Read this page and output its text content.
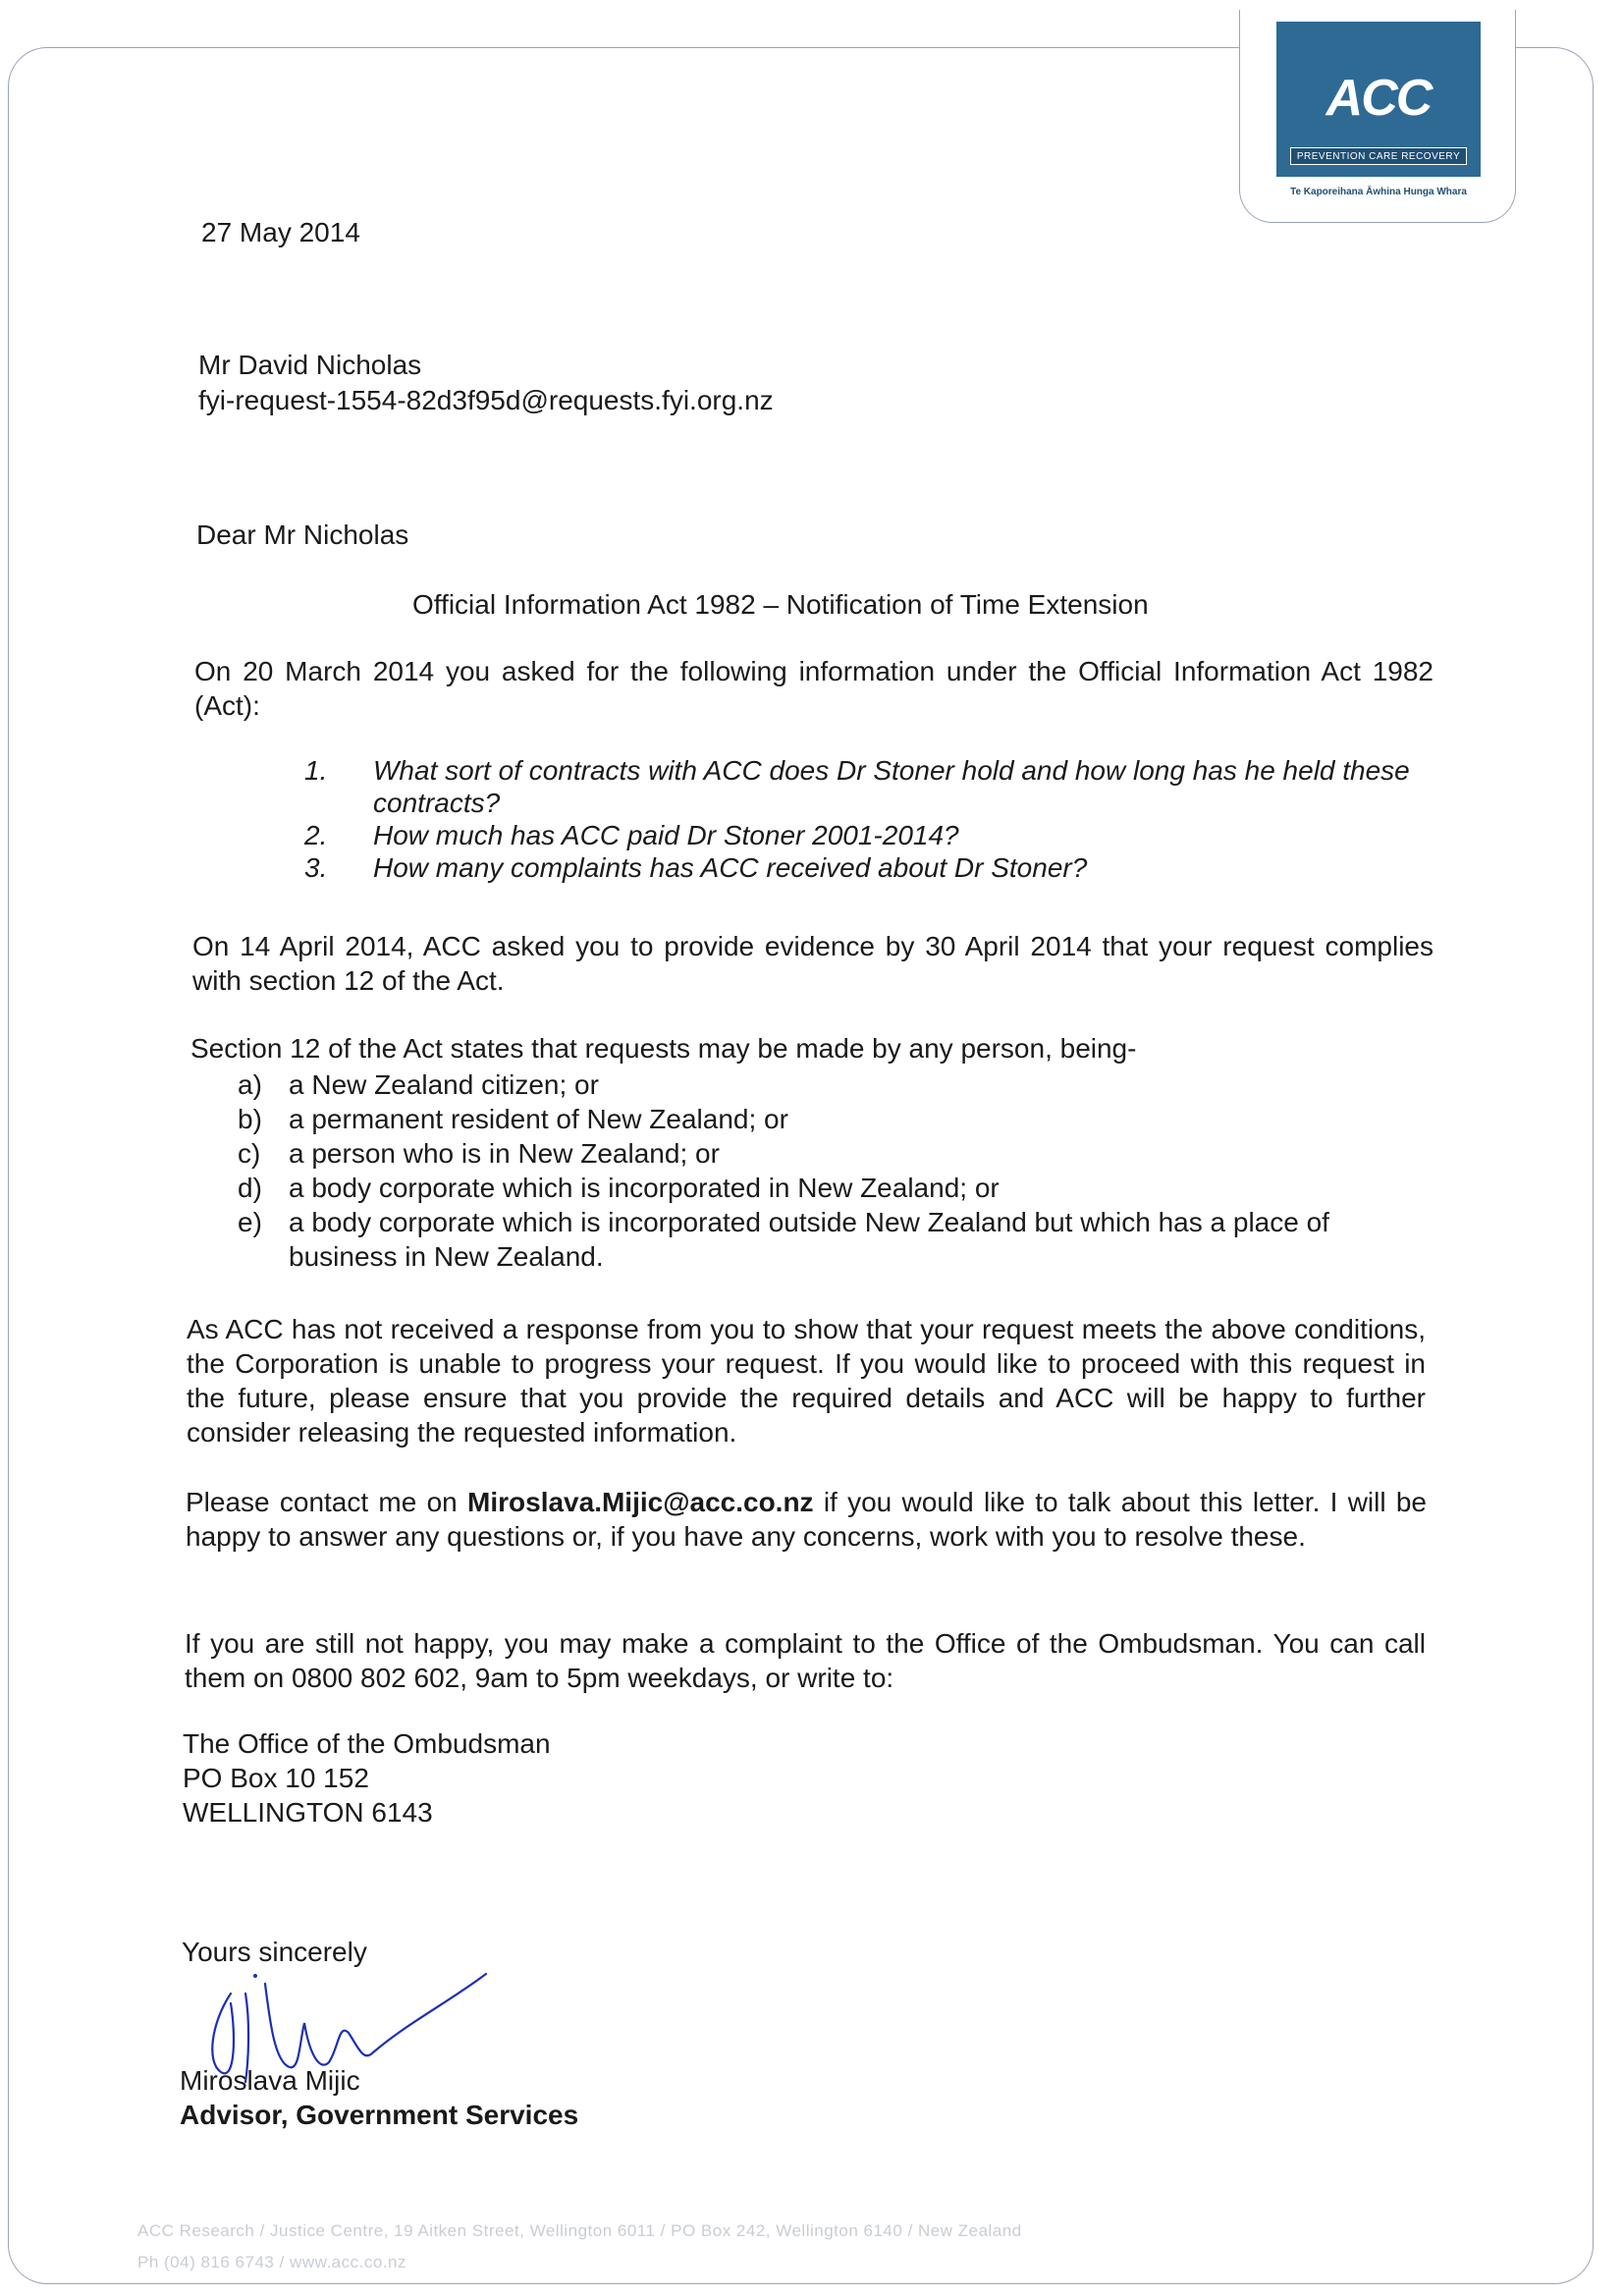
ACC
PREVENTION CARE RECOVERY
Te Kaporeihana Āwhina Hunga Whara
27 May 2014
Mr David Nicholas
fyi-request-1554-82d3f95d@requests.fyi.org.nz
Dear Mr Nicholas
Official Information Act 1982 – Notification of Time Extension
On 20 March 2014 you asked for the following information under the Official Information Act 1982 (Act):
1. What sort of contracts with ACC does Dr Stoner hold and how long has he held these contracts?
2. How much has ACC paid Dr Stoner 2001-2014?
3. How many complaints has ACC received about Dr Stoner?
On 14 April 2014, ACC asked you to provide evidence by 30 April 2014 that your request complies with section 12 of the Act.
Section 12 of the Act states that requests may be made by any person, being-
a) a New Zealand citizen; or
b) a permanent resident of New Zealand; or
c) a person who is in New Zealand; or
d) a body corporate which is incorporated in New Zealand; or
e) a body corporate which is incorporated outside New Zealand but which has a place of business in New Zealand.
As ACC has not received a response from you to show that your request meets the above conditions, the Corporation is unable to progress your request. If you would like to proceed with this request in the future, please ensure that you provide the required details and ACC will be happy to further consider releasing the requested information.
Please contact me on Miroslava.Mijic@acc.co.nz if you would like to talk about this letter. I will be happy to answer any questions or, if you have any concerns, work with you to resolve these.
If you are still not happy, you may make a complaint to the Office of the Ombudsman. You can call them on 0800 802 602, 9am to 5pm weekdays, or write to:
The Office of the Ombudsman
PO Box 10 152
WELLINGTON 6143
Yours sincerely
Miroslava Mijic
Advisor, Government Services
ACC Research / Justice Centre, 19 Aitken Street, Wellington 6011 / PO Box 242, Wellington 6140 / New Zealand
Ph (04) 816 6743 / www.acc.co.nz
